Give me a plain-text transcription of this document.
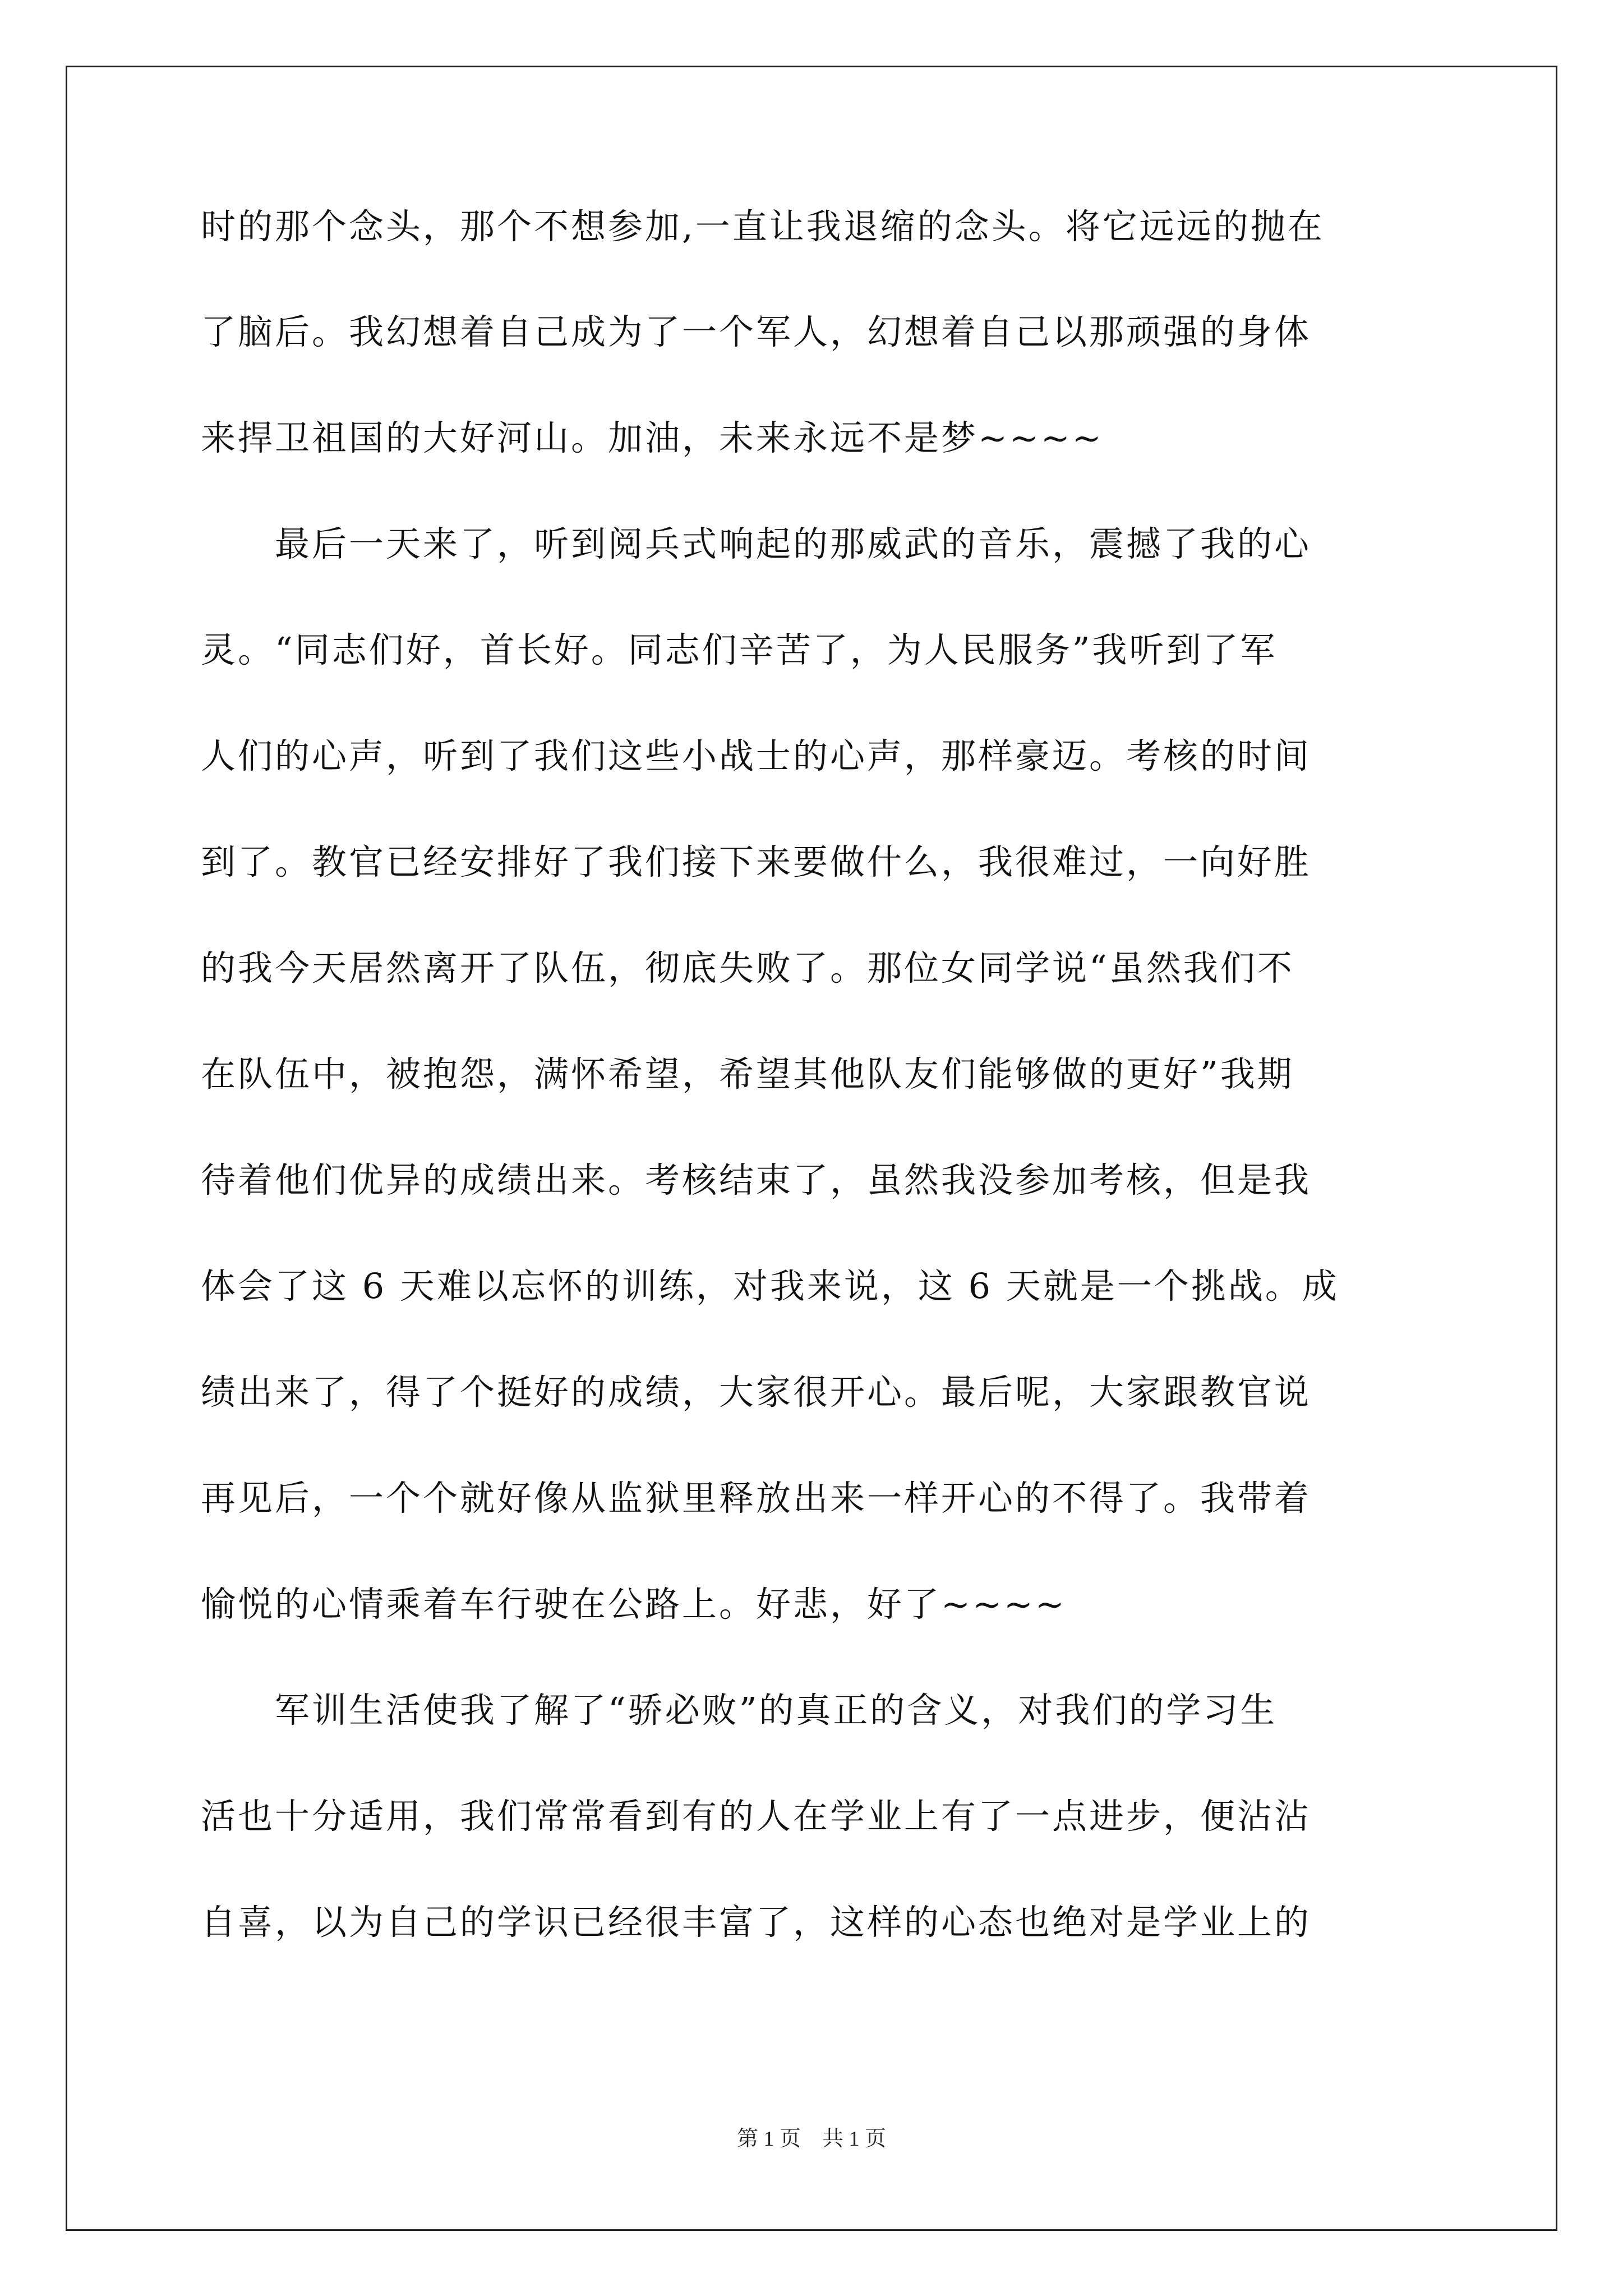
时的那个念头，那个不想参加,一直让我退缩的念头。将它远远的抛在
了脑后。我幻想着自己成为了一个军人，幻想着自己以那顽强的身体
来捍卫祖国的大好河山。加油，未来永远不是梦~~~~
　　最后一天来了，听到阅兵式响起的那威武的音乐，震撼了我的心
灵。“同志们好，首长好。同志们辛苦了，为人民服务”我听到了军
人们的心声，听到了我们这些小战士的心声，那样豪迈。考核的时间
到了。教官已经安排好了我们接下来要做什么，我很难过，一向好胜
的我今天居然离开了队伍，彻底失败了。那位女同学说“虽然我们不
在队伍中，被抱怨，满怀希望，希望其他队友们能够做的更好”我期
待着他们优异的成绩出来。考核结束了，虽然我没参加考核，但是我
体会了这 6 天难以忘怀的训练，对我来说，这 6 天就是一个挑战。成
绩出来了，得了个挺好的成绩，大家很开心。最后呢，大家跟教官说
再见后，一个个就好像从监狱里释放出来一样开心的不得了。我带着
愉悦的心情乘着车行驶在公路上。好悲，好了~~~~
　　军训生活使我了解了“骄必败”的真正的含义，对我们的学习生
活也十分适用，我们常常看到有的人在学业上有了一点进步，便沾沾
自喜，以为自己的学识已经很丰富了，这样的心态也绝对是学业上的
第 1 页　共 1 页
